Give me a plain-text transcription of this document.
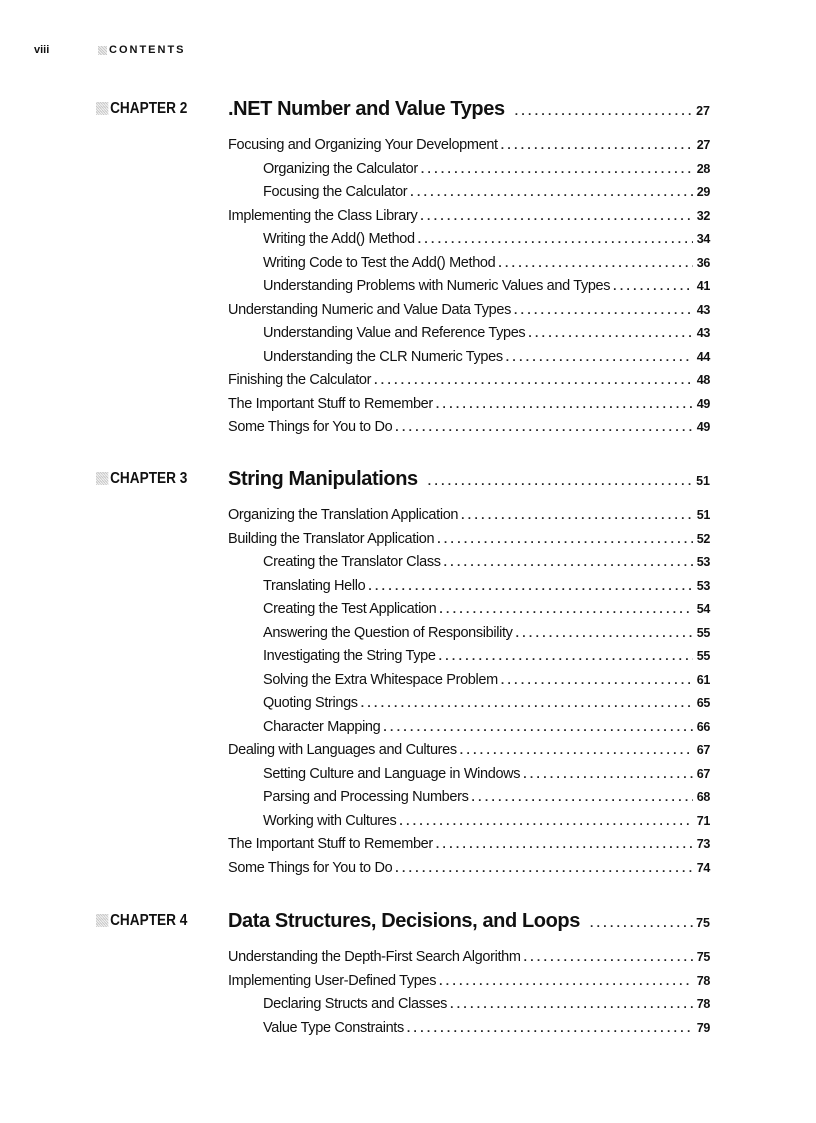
viii	CONTENTS
CHAPTER 2 .NET Number and Value Types . . .	27
Focusing and Organizing Your Development . . .	27
Organizing the Calculator . . .	28
Focusing the Calculator . . .	29
Implementing the Class Library . . .	32
Writing the Add() Method . . .	34
Writing Code to Test the Add() Method . . .	36
Understanding Problems with Numeric Values and Types . . .	41
Understanding Numeric and Value Data Types . . .	43
Understanding Value and Reference Types . . .	43
Understanding the CLR Numeric Types . . .	44
Finishing the Calculator . . .	48
The Important Stuff to Remember . . .	49
Some Things for You to Do . . .	49
CHAPTER 3 String Manipulations . . .	51
Organizing the Translation Application . . .	51
Building the Translator Application . . .	52
Creating the Translator Class . . .	53
Translating Hello . . .	53
Creating the Test Application . . .	54
Answering the Question of Responsibility . . .	55
Investigating the String Type . . .	55
Solving the Extra Whitespace Problem . . .	61
Quoting Strings . . .	65
Character Mapping . . .	66
Dealing with Languages and Cultures . . .	67
Setting Culture and Language in Windows . . .	67
Parsing and Processing Numbers . . .	68
Working with Cultures . . .	71
The Important Stuff to Remember . . .	73
Some Things for You to Do . . .	74
CHAPTER 4 Data Structures, Decisions, and Loops . . .	75
Understanding the Depth-First Search Algorithm . . .	75
Implementing User-Defined Types . . .	78
Declaring Structs and Classes . . .	78
Value Type Constraints . . .	79
